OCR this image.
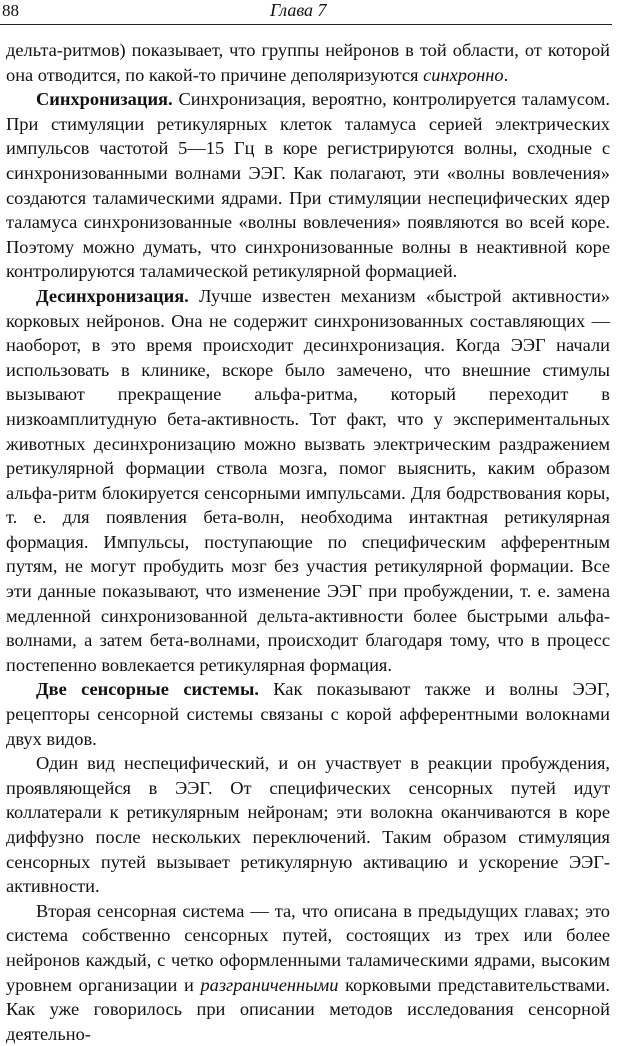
88	Глава 7

дельта-ритмов) показывает, что группы нейронов в той области, от которой она отводится, по какой-то причине деполяризуются синхронно.

Синхронизация. Синхронизация, вероятно, контролируется таламусом. При стимуляции ретикулярных клеток таламуса серией электрических импульсов частотой 5—15 Гц в коре регистрируются волны, сходные с синхронизованными волнами ЭЭГ. Как полагают, эти «волны вовлечения» создаются таламическими ядрами. При стимуляции неспецифических ядер таламуса синхронизованные «волны вовлечения» появляются во всей коре. Поэтому можно думать, что синхронизованные волны в неактивной коре контролируются таламической ретикулярной формацией.

Десинхронизация. Лучше известен механизм «быстрой активности» корковых нейронов. Она не содержит синхронизованных составляющих — наоборот, в это время происходит десинхронизация. Когда ЭЭГ начали использовать в клинике, вскоре было замечено, что внешние стимулы вызывают прекращение альфа-ритма, который переходит в низкоамплитудную бета-активность. Тот факт, что у экспериментальных животных десинхронизацию можно вызвать электрическим раздражением ретикулярной формации ствола мозга, помог выяснить, каким образом альфа-ритм блокируется сенсорными импульсами. Для бодрствования коры, т. е. для появления бета-волн, необходима интактная ретикулярная формация. Импульсы, поступающие по специфическим афферентным путям, не могут пробудить мозг без участия ретикулярной формации. Все эти данные показывают, что изменение ЭЭГ при пробуждении, т. е. замена медленной синхронизованной дельта-активности более быстрыми альфа-волнами, а затем бета-волнами, происходит благодаря тому, что в процесс постепенно вовлекается ретикулярная формация.

Две сенсорные системы. Как показывают также и волны ЭЭГ, рецепторы сенсорной системы связаны с корой афферентными волокнами двух видов.

Один вид неспецифический, и он участвует в реакции пробуждения, проявляющейся в ЭЭГ. От специфических сенсорных путей идут коллатерали к ретикулярным нейронам; эти волокна оканчиваются в коре диффузно после нескольких переключений. Таким образом стимуляция сенсорных путей вызывает ретикулярную активацию и ускорение ЭЭГ-активности.

Вторая сенсорная система — та, что описана в предыдущих главах; это система собственно сенсорных путей, состоящих из трех или более нейронов каждый, с четко оформленными таламическими ядрами, высоким уровнем организации и разграниченными корковыми представительствами. Как уже говорилось при описании методов исследования сенсорной деятельно-
